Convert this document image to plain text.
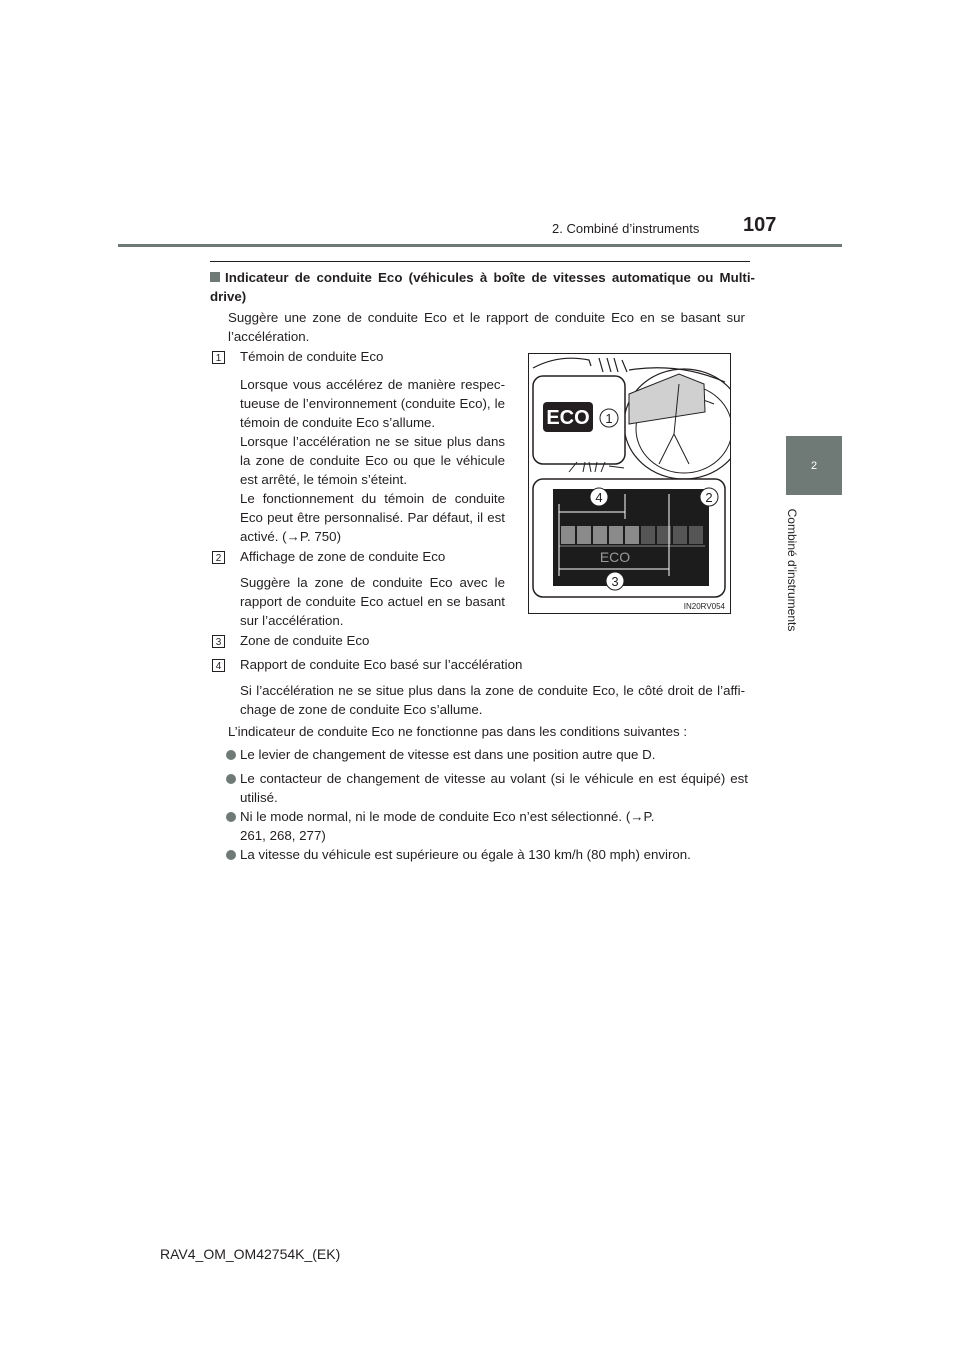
2. Combiné d’instruments 107
2
Combiné d’instruments
Indicateur de conduite Eco (véhicules à boîte de vitesses automatique ou Multi-drive)
Suggère une zone de conduite Eco et le rapport de conduite Eco en se basant sur l’accélération.
1 Témoin de conduite Eco
Lorsque vous accélérez de manière respec-tueuse de l’environnement (conduite Eco), le témoin de conduite Eco s’allume.
Lorsque l’accélération ne se situe plus dans la zone de conduite Eco ou que le véhicule est arrêté, le témoin s’éteint.
Le fonctionnement du témoin de conduite Eco peut être personnalisé. Par défaut, il est activé. (→P. 750)
2 Affichage de zone de conduite Eco
Suggère la zone de conduite Eco avec le rapport de conduite Eco actuel en se basant sur l’accélération.
3 Zone de conduite Eco
4 Rapport de conduite Eco basé sur l’accélération
Si l’accélération ne se situe plus dans la zone de conduite Eco, le côté droit de l’affi-chage de zone de conduite Eco s’allume.
L’indicateur de conduite Eco ne fonctionne pas dans les conditions suivantes :
Le levier de changement de vitesse est dans une position autre que D.
Le contacteur de changement de vitesse au volant (si le véhicule en est équipé) est utilisé.
Ni le mode normal, ni le mode de conduite Eco n’est sélectionné. (→P. 261, 268, 277)
La vitesse du véhicule est supérieure ou égale à 130 km/h (80 mph) environ.
ECO 1
ECO
4	2
3
IN20RV054
RAV4_OM_OM42754K_(EK)
